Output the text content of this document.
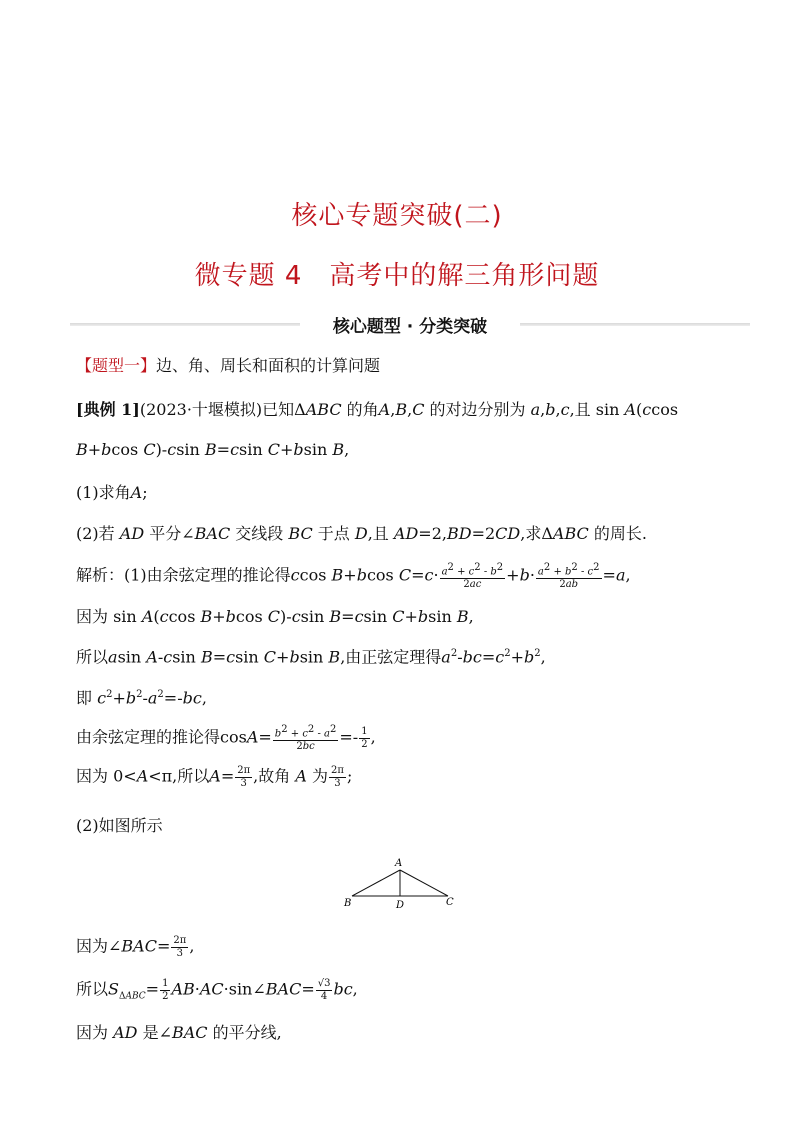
核心专题突破(二)
微专题 4　高考中的解三角形问题
核心题型 · 分类突破
【题型一】边、角、周长和面积的计算问题
[典例 1](2023·十堰模拟)已知ΔABC 的角A,B,C 的对边分别为 a,b,c,且 sin A(ccos
B+bcos C)-csin B=csin C+bsin B,
(1)求角A;
(2)若 AD 平分∠BAC 交线段 BC 于点 D,且 AD=2,BD=2CD,求ΔABC 的周长.
解析：(1)由余弦定理的推论得ccos B+bcos $C=c\cdot \frac{a^2 + c^2 - b^2}{2ac} +b\cdot \frac{a^2 + b^2 - c^2}{2ab} =a$,
因为 sin A(ccos B+bcos C)-csin B=csin C+bsin B,
所以asin A-csin B=csin C+bsin B,由正弦定理得$a^2-bc=c^2+b^2$,
即 $c^2+b^2-a^2=-bc$,
由余弦定理的推论得$\cos A= \frac{b^2 + c^2 - a^2}{2bc} =- \frac{1}{2}$ ,
因为 0<A<π,所以$A= \frac{2\pi}{3}$ ,故角 A 为 $\frac{2\pi}{3}$ ;
(2)如图所示
A
B	D	C
因为∠BAC= $\frac{2\pi}{3}$ ,
所以$S_{\Delta ABC}= \frac{1}{2}$ AB·AC·sin∠BAC= $\frac{√3}{4}$ bc,
因为 AD 是∠BAC 的平分线,
